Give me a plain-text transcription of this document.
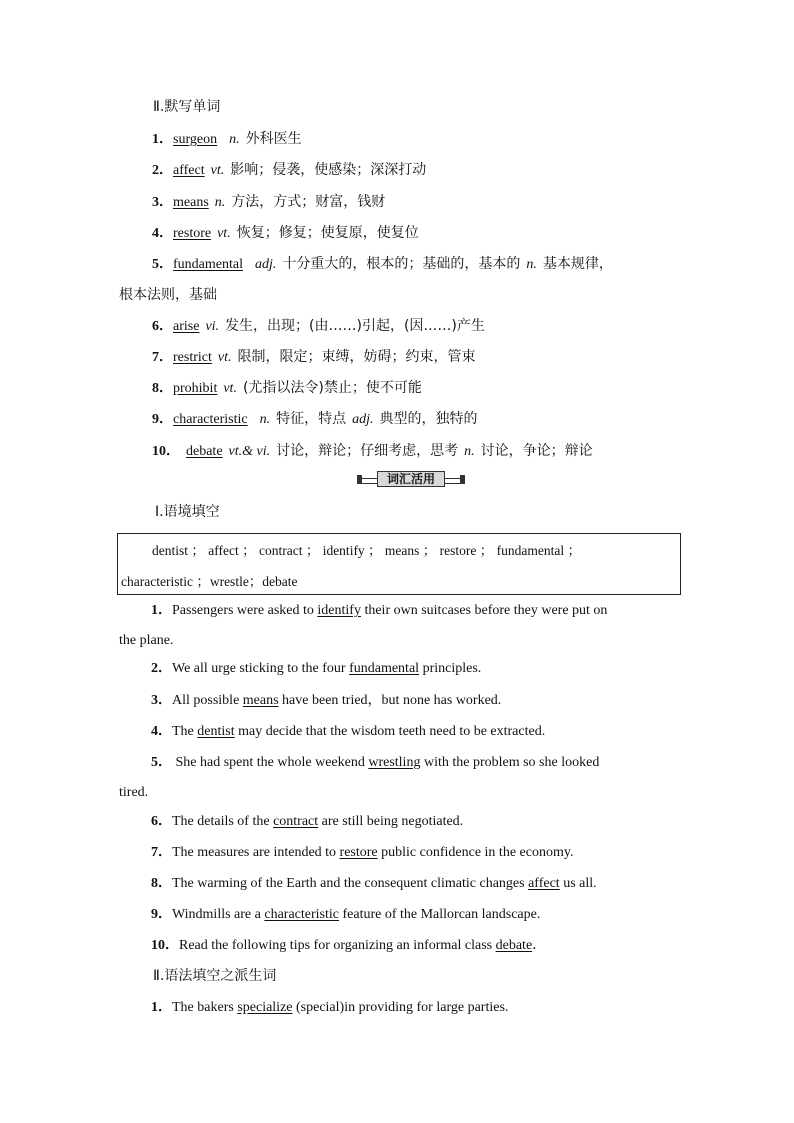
Ⅱ.默写单词
1．surgeon n. 外科医生
2．affect vt. 影响；侵袭，使感染；深深打动
3．means n. 方法，方式；财富，钱财
4．restore vt. 恢复；修复；使复原，使复位
5．fundamental adj. 十分重大的，根本的；基础的，基本的 n. 基本规律，
根本法则，基础
6．arise vi. 发生，出现；(由……)引起，(因……)产生
7．restrict vt. 限制，限定；束缚，妨碍；约束，管束
8．prohibit vt. (尤指以法令)禁止；使不可能
9．characteristic n. 特征，特点 adj. 典型的，独特的
10． debate vt.& vi. 讨论，辩论；仔细考虑，思考 n. 讨论，争论；辩论
词汇活用
Ⅰ.语境填空
dentist ； affect ； contract ； identify ； means ； restore ； fundamental ；
characteristic ；wrestle；debate
1．Passengers were asked to identify their own suitcases before they were put on
the plane.
2．We all urge sticking to the four fundamental principles.
3．All possible means have been tried，but none has worked.
4．The dentist may decide that the wisdom teeth need to be extracted.
5． She had spent the whole weekend wrestling with the problem so she looked
tired.
6．The details of the contract are still being negotiated.
7．The measures are intended to restore public confidence in the economy.
8．The warming of the Earth and the consequent climatic changes affect us all.
9．Windmills are a characteristic feature of the Mallorcan landscape.
10．Read the following tips for organizing an informal class debate．
Ⅱ.语法填空之派生词
1．The bakers specialize (special)in providing for large parties.
